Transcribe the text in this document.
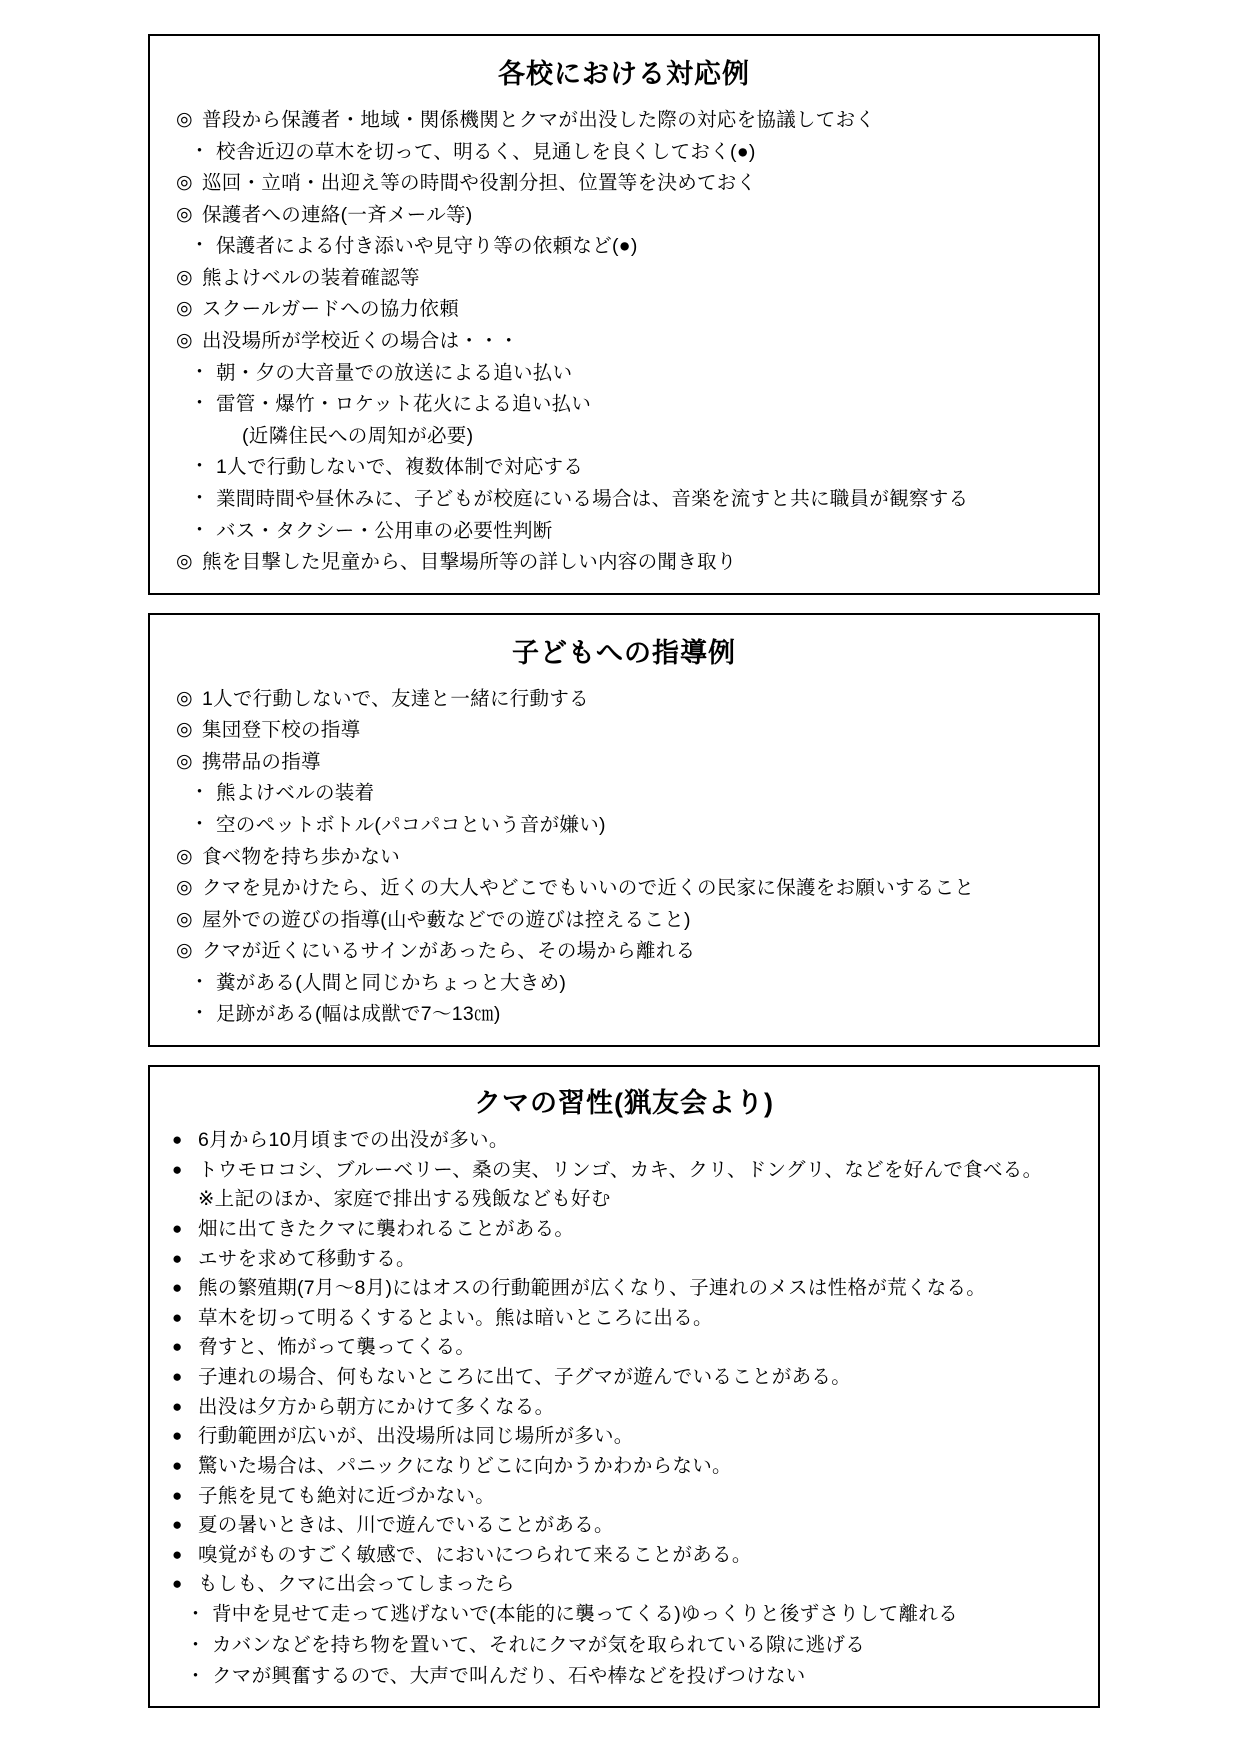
各校における対応例
◎ 普段から保護者・地域・関係機関とクマが出没した際の対応を協議しておく
・ 校舎近辺の草木を切って、明るく、見通しを良くしておく(●)
◎ 巡回・立哨・出迎え等の時間や役割分担、位置等を決めておく
◎ 保護者への連絡(一斉メール等)
・ 保護者による付き添いや見守り等の依頼など(●)
◎ 熊よけベルの装着確認等
◎ スクールガードへの協力依頼
◎ 出没場所が学校近くの場合は・・・
・ 朝・夕の大音量での放送による追い払い
・ 雷管・爆竹・ロケット花火による追い払い
(近隣住民への周知が必要)
・ 1人で行動しないで、複数体制で対応する
・ 業間時間や昼休みに、子どもが校庭にいる場合は、音楽を流すと共に職員が観察する
・ バス・タクシー・公用車の必要性判断
◎ 熊を目撃した児童から、目撃場所等の詳しい内容の聞き取り
子どもへの指導例
◎ 1人で行動しないで、友達と一緒に行動する
◎ 集団登下校の指導
◎ 携帯品の指導
・ 熊よけベルの装着
・ 空のペットボトル(パコパコという音が嫌い)
◎ 食べ物を持ち歩かない
◎ クマを見かけたら、近くの大人やどこでもいいので近くの民家に保護をお願いすること
◎ 屋外での遊びの指導(山や藪などでの遊びは控えること)
◎ クマが近くにいるサインがあったら、その場から離れる
・ 糞がある(人間と同じかちょっと大きめ)
・ 足跡がある(幅は成獣で7～13㎝)
クマの習性(猟友会より)
● 6月から10月頃までの出没が多い。
● トウモロコシ、ブルーベリー、桑の実、リンゴ、カキ、クリ、ドングリ、などを好んで食べる。
※上記のほか、家庭で排出する残飯なども好む
● 畑に出てきたクマに襲われることがある。
● エサを求めて移動する。
● 熊の繁殖期(7月～8月)にはオスの行動範囲が広くなり、子連れのメスは性格が荒くなる。
● 草木を切って明るくするとよい。熊は暗いところに出る。
● 脅すと、怖がって襲ってくる。
● 子連れの場合、何もないところに出て、子グマが遊んでいることがある。
● 出没は夕方から朝方にかけて多くなる。
● 行動範囲が広いが、出没場所は同じ場所が多い。
● 驚いた場合は、パニックになりどこに向かうかわからない。
● 子熊を見ても絶対に近づかない。
● 夏の暑いときは、川で遊んでいることがある。
● 嗅覚がものすごく敏感で、においにつられて来ることがある。
● もしも、クマに出会ってしまったら
・ 背中を見せて走って逃げないで(本能的に襲ってくる)ゆっくりと後ずさりして離れる
・ カバンなどを持ち物を置いて、それにクマが気を取られている隙に逃げる
・ クマが興奮するので、大声で叫んだり、石や棒などを投げつけない
